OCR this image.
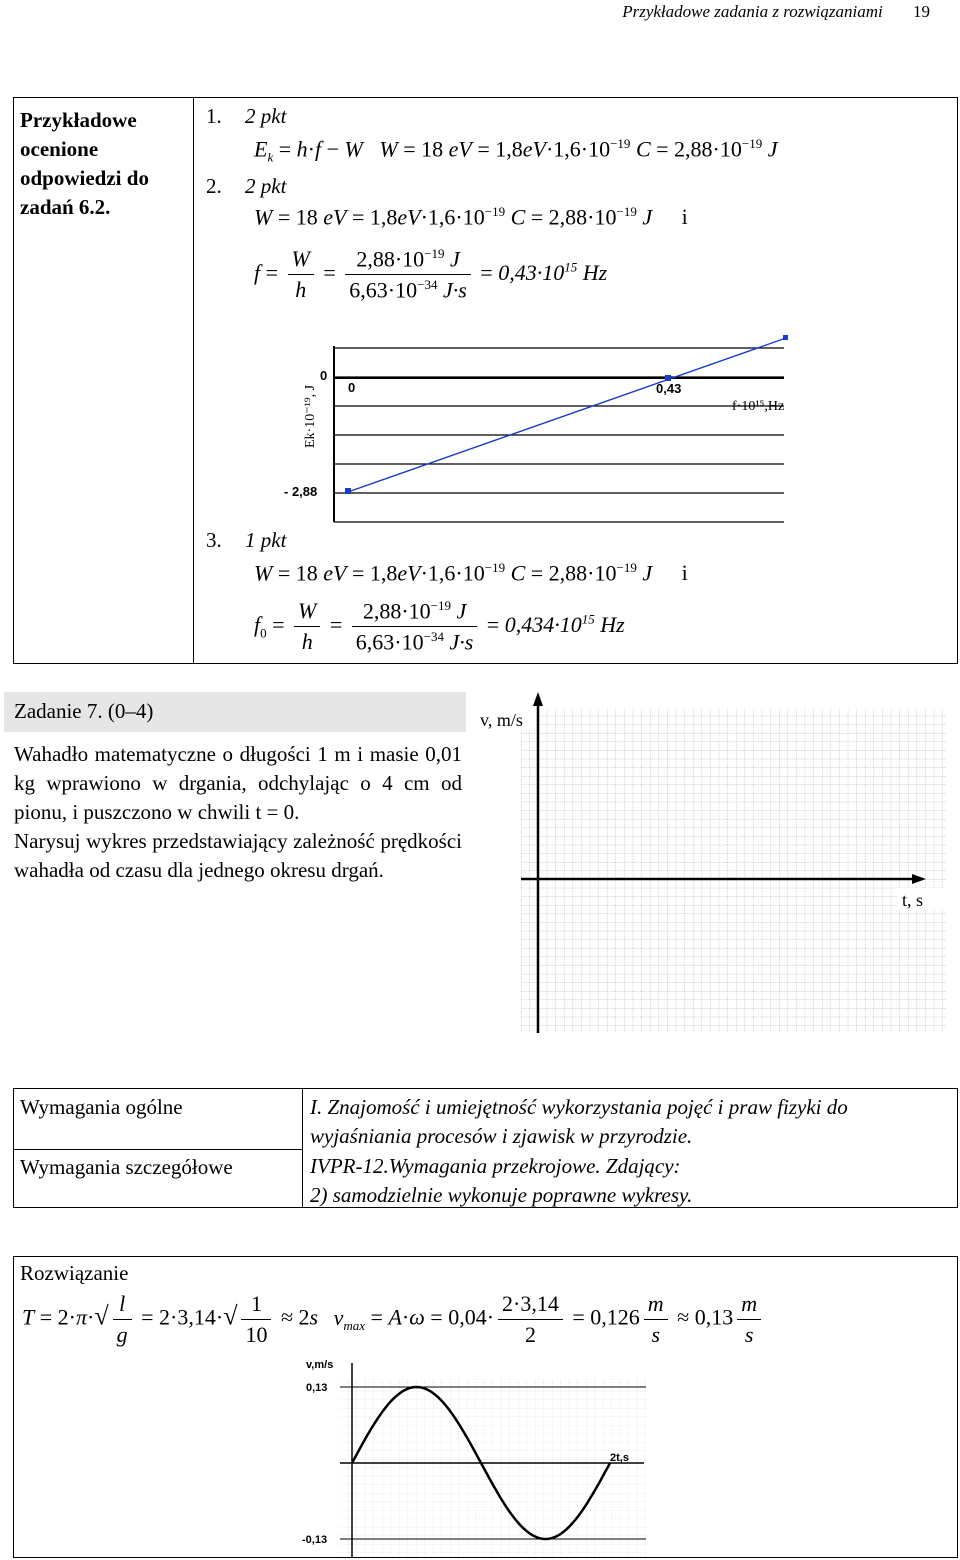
Przykładowe zadania z rozwiązaniami 19
Przykładowe ocenione odpowiedzi do zadań 6.2.
1. 2 pkt
$E_k = h\cdot f - W$ W = 18 eV = $1,8eV\cdot 1,6\cdot 10^{-19}$ $C = 2,88\cdot 10^{-19}$ J
2. 2 pkt
W = 18 eV = $1,8eV\cdot 1,6\cdot 10^{-19}$ $C = 2,88\cdot 10^{-19}$ J i
$f = \frac{W}{h} = \frac{2,88\cdot 10^{-19} J}{6,63\cdot 10^{-34} J\cdot s} = 0,43\cdot 10^{15}$ Hz
0
0	0,43
- 2,88
f·10¹⁵,Hz
Ek·10⁻¹⁹, J
3. 1 pkt
W = 18 eV = $1,8eV\cdot 1,6\cdot 10^{-19}$ $C = 2,88\cdot 10^{-19}$ J i
$f_0 = \frac{W}{h} = \frac{2,88\cdot 10^{-19} J}{6,63\cdot 10^{-34} J\cdot s} = 0,434\cdot 10^{15}$ Hz
Zadanie 7. (0–4)
Wahadło matematyczne o długości 1 m i masie 0,01 kg wprawiono w drgania, odchylając o 4 cm od pionu, i puszczono w chwili t = 0.
Narysuj wykres przedstawiający zależność prędkości wahadła od czasu dla jednego okresu drgań.
v, m/s
t, s
Wymagania ogólne
Wymagania szczegółowe
I. Znajomość i umiejętność wykorzystania pojęć i praw fizyki do wyjaśniania procesów i zjawisk w przyrodzie.
IVPR-12.Wymagania przekrojowe. Zdający:
2) samodzielnie wykonuje poprawne wykresy.
Rozwiązanie
$T = 2\cdot\pi\cdot√ \frac{l}{g} = 2\cdot 3,14\cdot√ \frac{1}{10} \approx 2s$ $v_{max} = A\cdot\omega = 0,04\cdot \frac{2\cdot 3,14}{2} = 0,126 \frac{m}{s} \approx 0,13 \frac{m}{s}$
v,m/s
0,13
-0,13
2t,s
